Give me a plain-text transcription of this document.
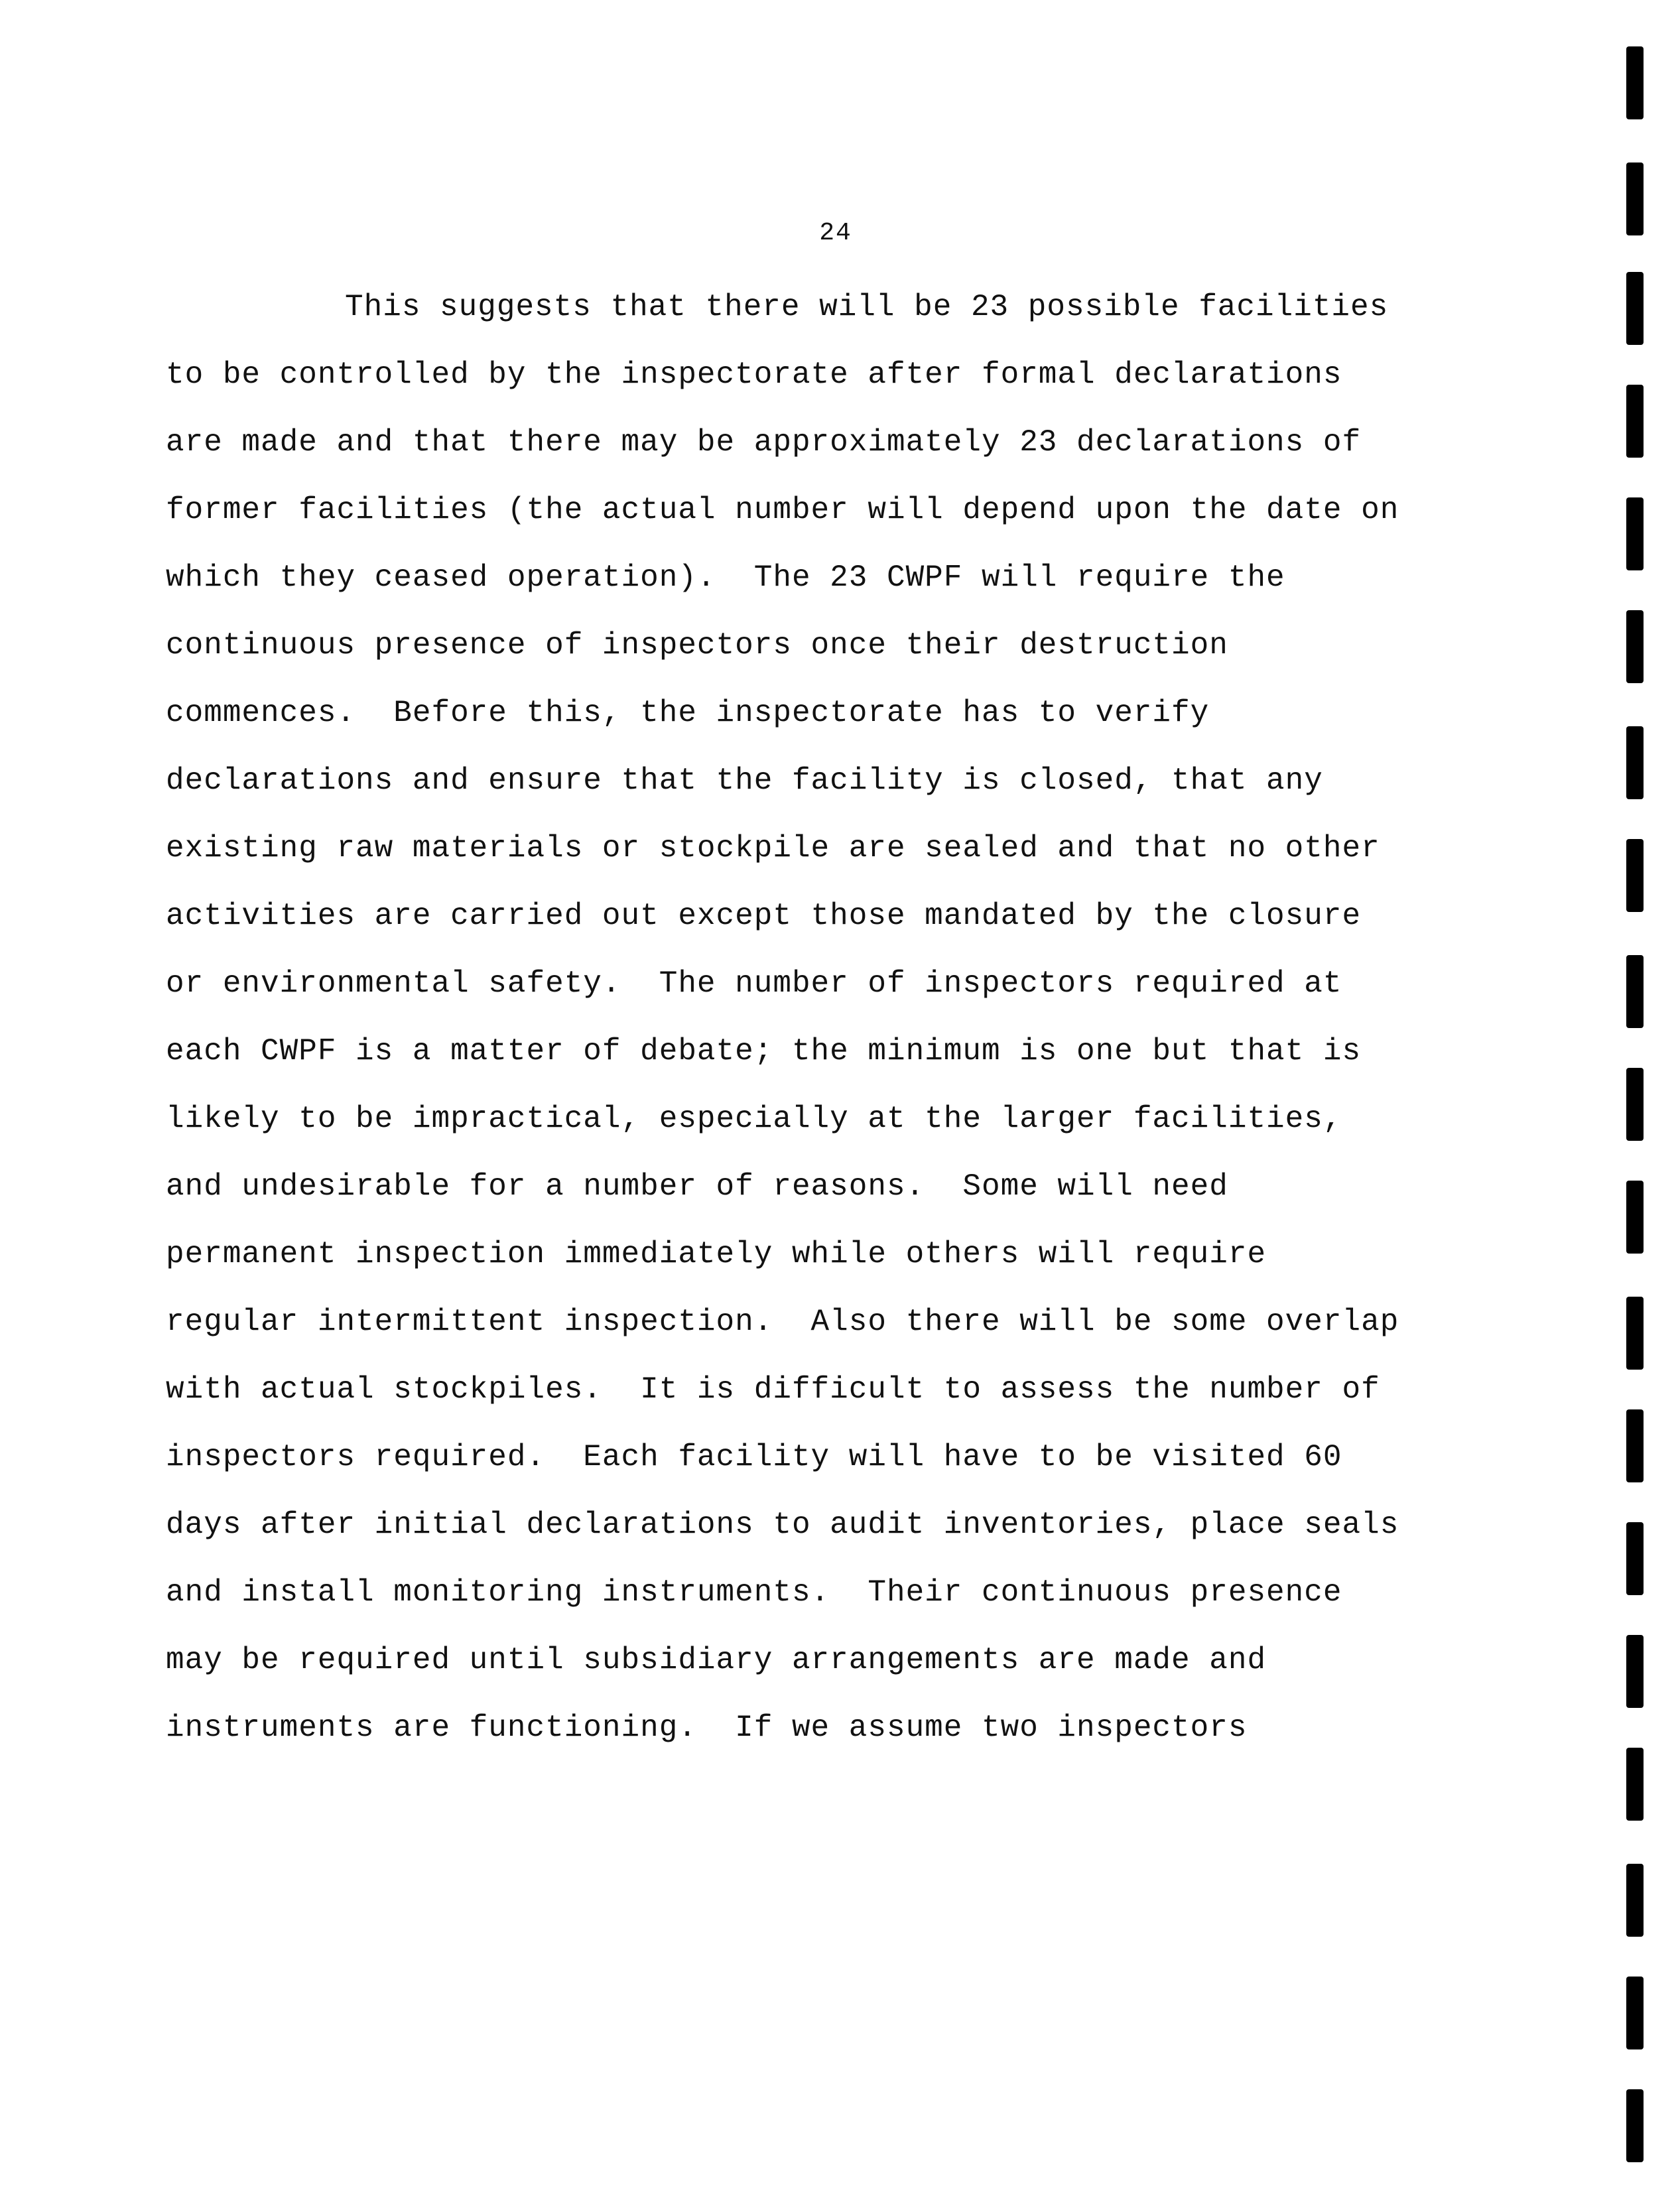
24
This suggests that there will be 23 possible facilities
to be controlled by the inspectorate after formal declarations
are made and that there may be approximately 23 declarations of
former facilities (the actual number will depend upon the date on
which they ceased operation).  The 23 CWPF will require the
continuous presence of inspectors once their destruction
commences.  Before this, the inspectorate has to verify
declarations and ensure that the facility is closed, that any
existing raw materials or stockpile are sealed and that no other
activities are carried out except those mandated by the closure
or environmental safety.  The number of inspectors required at
each CWPF is a matter of debate; the minimum is one but that is
likely to be impractical, especially at the larger facilities,
and undesirable for a number of reasons.  Some will need
permanent inspection immediately while others will require
regular intermittent inspection.  Also there will be some overlap
with actual stockpiles.  It is difficult to assess the number of
inspectors required.  Each facility will have to be visited 60
days after initial declarations to audit inventories, place seals
and install monitoring instruments.  Their continuous presence
may be required until subsidiary arrangements are made and
instruments are functioning.  If we assume two inspectors
